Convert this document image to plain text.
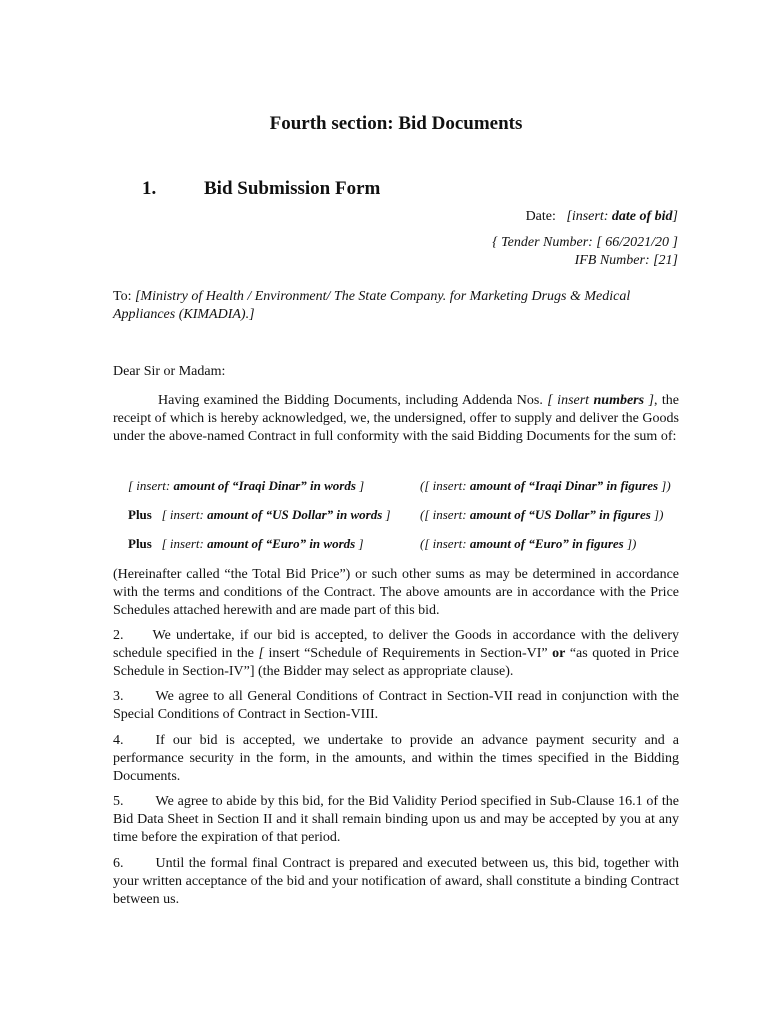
Fourth section: Bid Documents
1.	Bid Submission Form
Date: [insert: date of bid]
{ Tender Number: [ 66/2021/20 ]
IFB Number: [21]
To: [Ministry of Health / Environment/ The State Company. for Marketing Drugs & Medical Appliances (KIMADIA).]
Dear Sir or Madam:
Having examined the Bidding Documents, including Addenda Nos. [ insert numbers ], the receipt of which is hereby acknowledged, we, the undersigned, offer to supply and deliver the Goods under the above-named Contract in full conformity with the said Bidding Documents for the sum of:
[ insert: amount of “Iraqi Dinar” in words ]	([ insert: amount of “Iraqi Dinar” in figures ])
Plus [ insert: amount of “US Dollar” in words ] ([ insert: amount of “US Dollar” in figures ])
Plus [ insert: amount of “Euro” in words ]	([ insert: amount of “Euro” in figures ])
(Hereinafter called “the Total Bid Price”) or such other sums as may be determined in accordance with the terms and conditions of the Contract. The above amounts are in accordance with the Price Schedules attached herewith and are made part of this bid.
2. We undertake, if our bid is accepted, to deliver the Goods in accordance with the delivery schedule specified in the [ insert “Schedule of Requirements in Section-VI” or “as quoted in Price Schedule in Section-IV”] (the Bidder may select as appropriate clause).
3. We agree to all General Conditions of Contract in Section-VII read in conjunction with the Special Conditions of Contract in Section-VIII.
4. If our bid is accepted, we undertake to provide an advance payment security and a performance security in the form, in the amounts, and within the times specified in the Bidding Documents.
5. We agree to abide by this bid, for the Bid Validity Period specified in Sub-Clause 16.1 of the Bid Data Sheet in Section II and it shall remain binding upon us and may be accepted by you at any time before the expiration of that period.
6. Until the formal final Contract is prepared and executed between us, this bid, together with your written acceptance of the bid and your notification of award, shall constitute a binding Contract between us.
